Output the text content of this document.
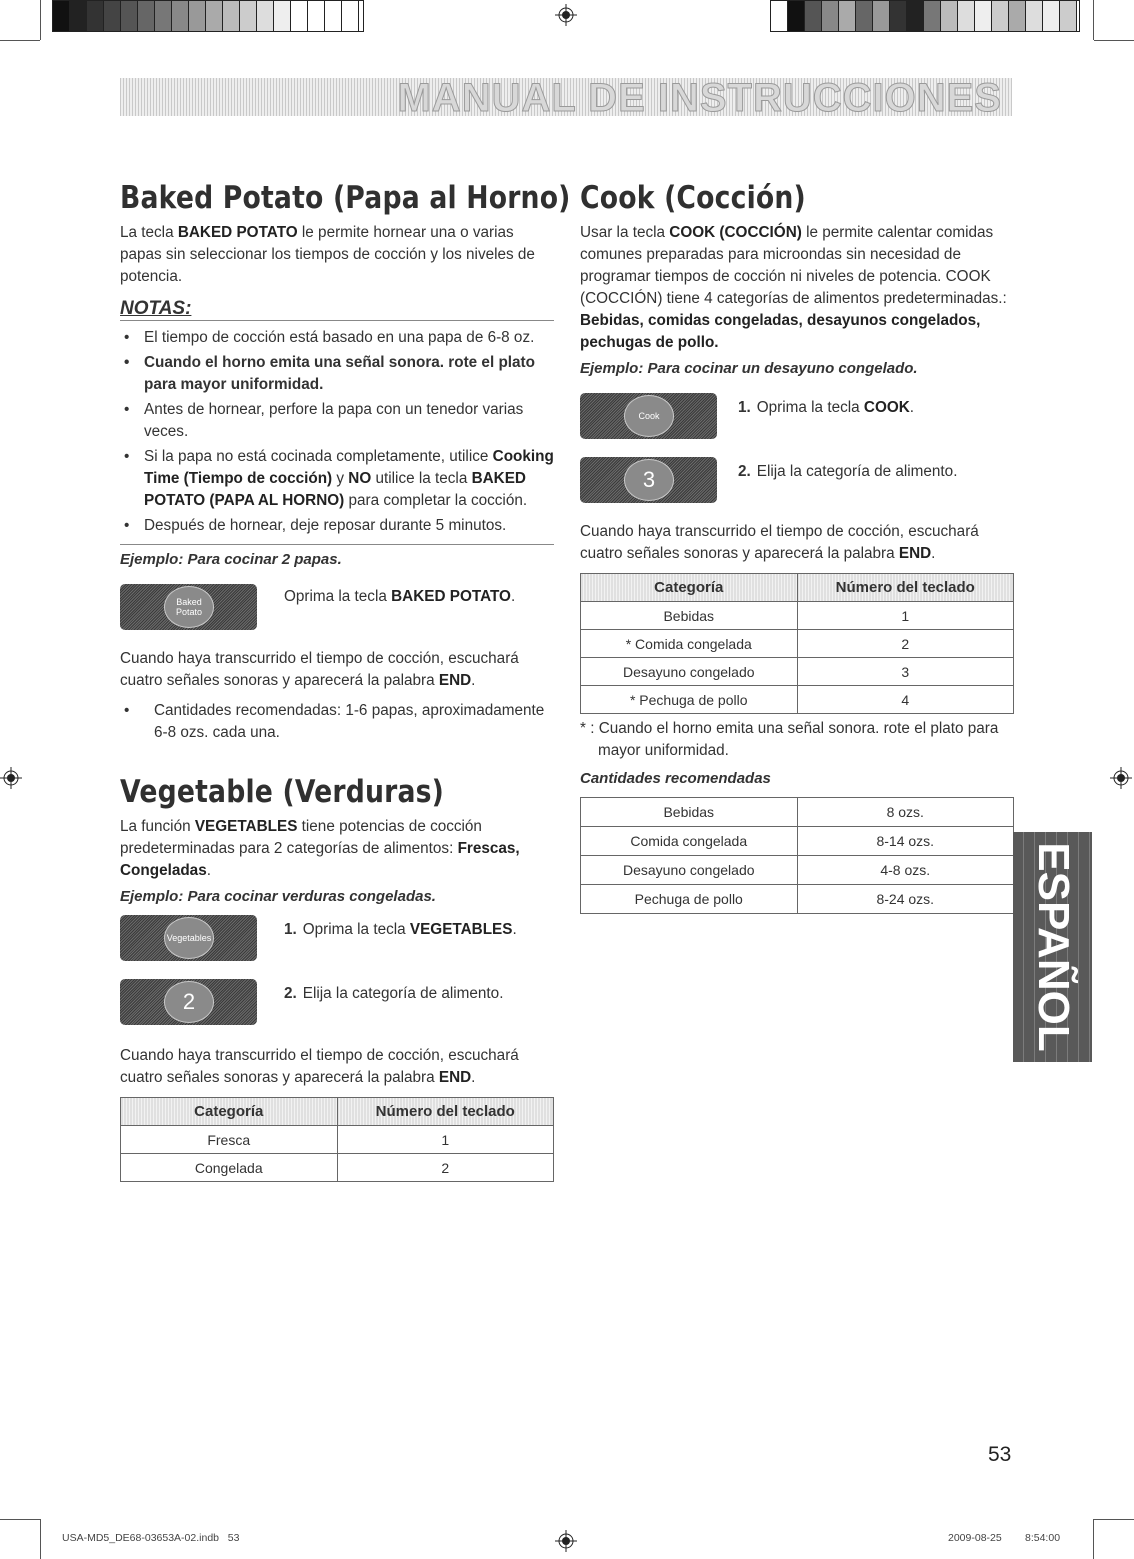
MANUAL DE INSTRUCCIONES
Baked Potato (Papa al Horno)

La tecla BAKED POTATO le permite hornear una o varias papas sin seleccionar los tiempos de cocción y los niveles de potencia.

NOTAS:
• El tiempo de cocción está basado en una papa de 6-8 oz.
• Cuando el horno emita una señal sonora. rote el plato para mayor uniformidad.
• Antes de hornear, perfore la papa con un tenedor varias veces.
• Si la papa no está cocinada completamente, utilice Cooking Time (Tiempo de cocción) y NO utilice la tecla BAKED POTATO (PAPA AL HORNO) para completar la cocción.
• Después de hornear, deje reposar durante 5 minutos.
Ejemplo: Para cocinar 2 papas.
Baked Potato
Oprima la tecla BAKED POTATO.

Cuando haya transcurrido el tiempo de cocción, escuchará cuatro señales sonoras y aparecerá la palabra END.

• Cantidades recomendadas: 1-6 papas, aproximadamente 6-8 ozs. cada una.
Vegetable (Verduras)

La función VEGETABLES tiene potencias de cocción predeterminadas para 2 categorías de alimentos: Frescas, Congeladas.

Ejemplo: Para cocinar verduras congeladas.
Vegetables	1. Oprima la tecla VEGETABLES.
2	2. Elija la categoría de alimento.

Cuando haya transcurrido el tiempo de cocción, escuchará cuatro señales sonoras y aparecerá la palabra END.

Categoría	Número del teclado
Fresca	1
Congelada	2
Cook (Cocción)

Usar la tecla COOK (COCCIÓN) le permite calentar comidas comunes preparadas para microondas sin necesidad de programar tiempos de cocción ni niveles de potencia. COOK (COCCIÓN) tiene 4 categorías de alimentos predeterminadas.: Bebidas, comidas congeladas, desayunos congelados, pechugas de pollo.

Ejemplo: Para cocinar un desayuno congelado.
Cook	1. Oprima la tecla COOK.
3	2. Elija la categoría de alimento.

Cuando haya transcurrido el tiempo de cocción, escuchará cuatro señales sonoras y aparecerá la palabra END.

Categoría	Número del teclado
Bebidas	1
* Comida congelada	2
Desayuno congelado	3
* Pechuga de pollo	4

* : Cuando el horno emita una señal sonora. rote el plato para mayor uniformidad.

Cantidades recomendadas
Bebidas	8 ozs.
Comida congelada	8-14 ozs.
Desayuno congelado	4-8 ozs.
Pechuga de pollo	8-24 ozs. ESPAÑOL
53
USA-MD5_DE68-03653A-02.indb   53	2009-08-25 8:54:00
